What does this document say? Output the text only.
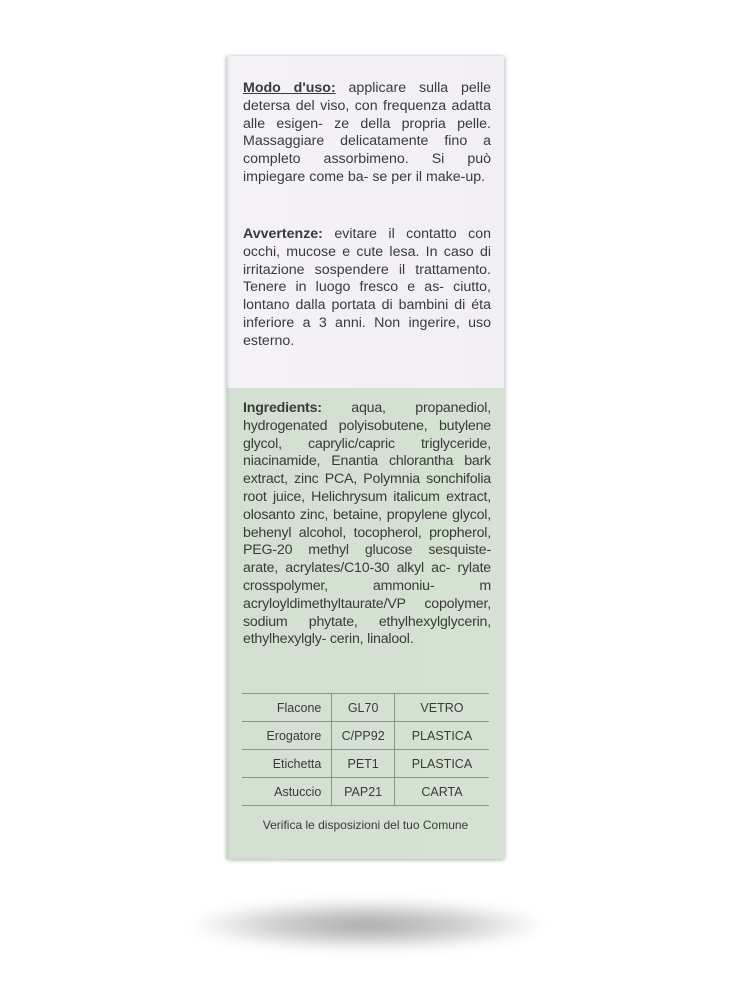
Modo d'uso: applicare sulla pelle detersa del viso, con frequenza adatta alle esigen- ze della propria pelle. Massaggiare delicatamente fino a completo assorbimeno. Si può impiegare come ba- se per il make-up.

Avvertenze: evitare il contatto con occhi, mucose e cute lesa. In caso di irritazione sospendere il trattamento. Tenere in luogo fresco e as- ciutto, lontano dalla portata di bambini di éta inferiore a 3 anni. Non ingerire, uso esterno.

Ingredients: aqua, propanediol, hydrogenated polyisobutene, butylene glycol, caprylic/capric triglyceride, niacinamide, Enantia chlorantha bark extract, zinc PCA, Polymnia sonchifolia root juice, Helichrysum italicum extract, olosanto zinc, betaine, propylene glycol, behenyl alcohol, tocopherol, propherol, PEG-20 methyl glucose sesquiste- arate, acrylates/C10-30 alkyl ac- rylate crosspolymer, ammoniu- m acryloyldimethyltaurate/VP copolymer, sodium phytate, ethylhexylglycerin, ethylhexylgly- cerin, linalool.

Flacone	GL70	VETRO
Erogatore	C/PP92	PLASTICA
Etichetta	PET1	PLASTICA
Astuccio	PAP21	CARTA
Verifica le disposizioni del tuo Comune
